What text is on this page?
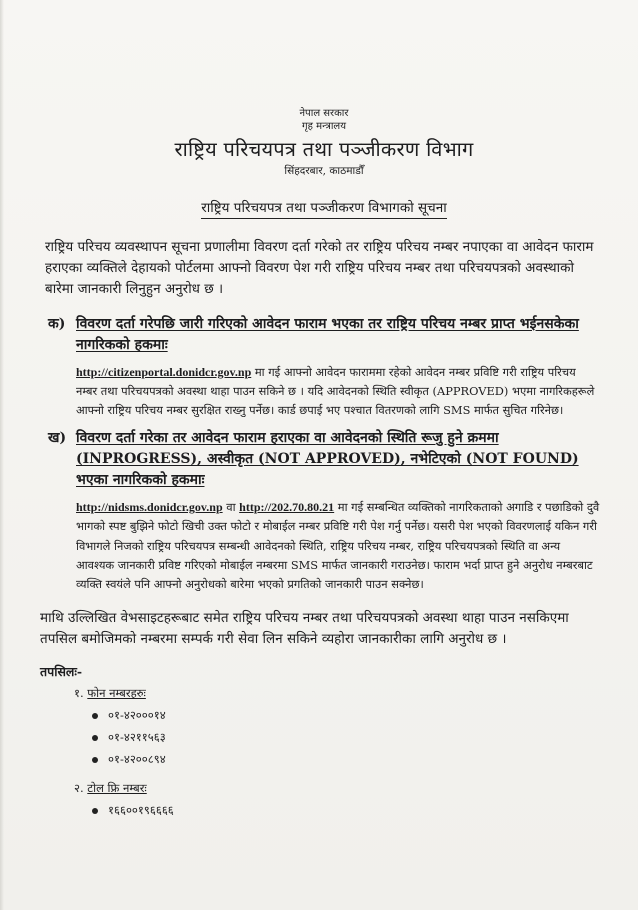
नेपाल सरकार
गृह मन्त्रालय
राष्ट्रिय परिचयपत्र तथा पञ्जीकरण विभाग
सिंहदरबार, काठमाडौँ
राष्ट्रिय परिचयपत्र तथा पञ्जीकरण विभागको सूचना

राष्ट्रिय परिचय व्यवस्थापन सूचना प्रणालीमा विवरण दर्ता गरेको तर राष्ट्रिय परिचय नम्बर नपाएका वा आवेदन फाराम हराएका व्यक्तिले देहायको पोर्टलमा आफ्नो विवरण पेश गरी राष्ट्रिय परिचय नम्बर तथा परिचयपत्रको अवस्थाको बारेमा जानकारी लिनुहुन अनुरोध छ ।

क) विवरण दर्ता गरेपछि जारी गरिएको आवेदन फाराम भएका तर राष्ट्रिय परिचय नम्बर प्राप्त भईनसकेका नागरिकको हकमाः
http://citizenportal.donidcr.gov.np मा गई आफ्नो आवेदन फाराममा रहेको आवेदन नम्बर प्रविष्टि गरी राष्ट्रिय परिचय नम्बर तथा परिचयपत्रको अवस्था थाहा पाउन सकिने छ । यदि आवेदनको स्थिति स्वीकृत (APPROVED) भएमा नागरिकहरूले आफ्नो राष्ट्रिय परिचय नम्बर सुरक्षित राख्नु पर्नेछ। कार्ड छपाई भए पश्चात वितरणको लागि SMS मार्फत सुचित गरिनेछ।
ख) विवरण दर्ता गरेका तर आवेदन फाराम हराएका वा आवेदनको स्थिति रूजु हुने क्रममा (INPROGRESS), अस्वीकृत (NOT APPROVED), नभेटिएको (NOT FOUND) भएका नागरिकको हकमाः
http://nidsms.donidcr.gov.np वा http://202.70.80.21 मा गई सम्बन्धित व्यक्तिको नागरिकताको अगाडि र पछाडिको दुवै भागको स्पष्ट बुझिने फोटो खिची उक्त फोटो र मोबाईल नम्बर प्रविष्टि गरी पेश गर्नु पर्नेछ। यसरी पेश भएको विवरणलाई यकिन गरी विभागले निजको राष्ट्रिय परिचयपत्र सम्बन्धी आवेदनको स्थिति, राष्ट्रिय परिचय नम्बर, राष्ट्रिय परिचयपत्रको स्थिति वा अन्य आवश्यक जानकारी प्रविष्ट गरिएको मोबाईल नम्बरमा SMS मार्फत जानकारी गराउनेछ। फाराम भर्दा प्राप्त हुने अनुरोध नम्बरबाट व्यक्ति स्वयंले पनि आफ्नो अनुरोधको बारेमा भएको प्रगतिको जानकारी पाउन सक्नेछ।

माथि उल्लिखित वेभसाइटहरूबाट समेत राष्ट्रिय परिचय नम्बर तथा परिचयपत्रको अवस्था थाहा पाउन नसकिएमा तपसिल बमोजिमको नम्बरमा सम्पर्क गरी सेवा लिन सकिने व्यहोरा जानकारीका लागि अनुरोध छ ।

तपसिलः-
१. फोन नम्बरहरुः
०१-४२०००१४
०१-४२११५६३
०१-४२००८९४
२. टोल फ्रि नम्बरः
१६६००१९६६६६
